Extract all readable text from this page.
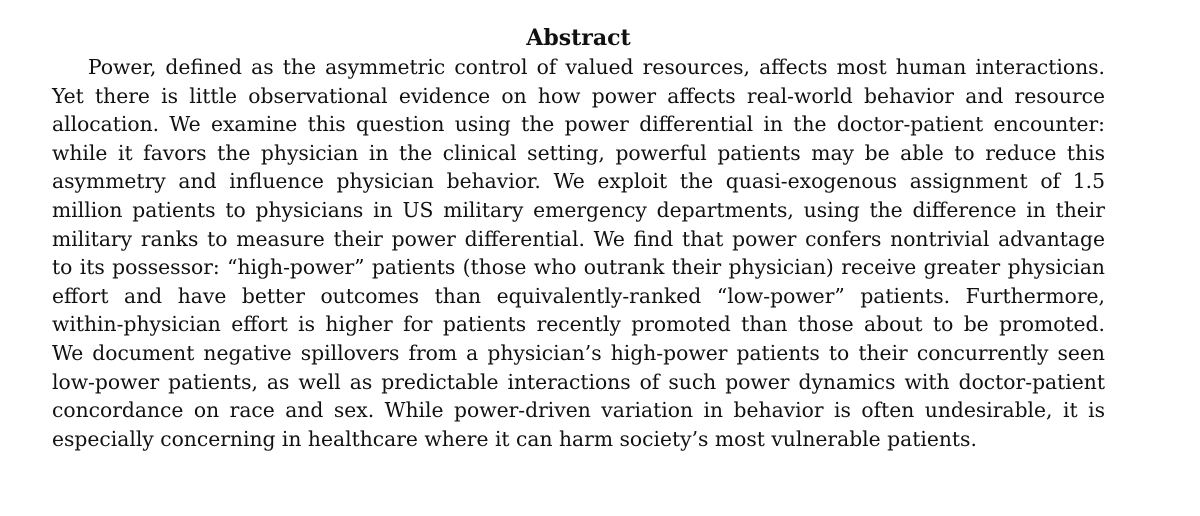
Abstract
Power, defined as the asymmetric control of valued resources, affects most human interactions.
Yet there is little observational evidence on how power affects real-world behavior and resource
allocation. We examine this question using the power differential in the doctor-patient encounter:
while it favors the physician in the clinical setting, powerful patients may be able to reduce this
asymmetry and influence physician behavior. We exploit the quasi-exogenous assignment of 1.5
million patients to physicians in US military emergency departments, using the difference in their
military ranks to measure their power differential. We find that power confers nontrivial advantage
to its possessor: “high-power” patients (those who outrank their physician) receive greater physician
effort and have better outcomes than equivalently-ranked “low-power” patients. Furthermore,
within-physician effort is higher for patients recently promoted than those about to be promoted.
We document negative spillovers from a physician’s high-power patients to their concurrently seen
low-power patients, as well as predictable interactions of such power dynamics with doctor-patient
concordance on race and sex. While power-driven variation in behavior is often undesirable, it is
especially concerning in healthcare where it can harm society’s most vulnerable patients.
